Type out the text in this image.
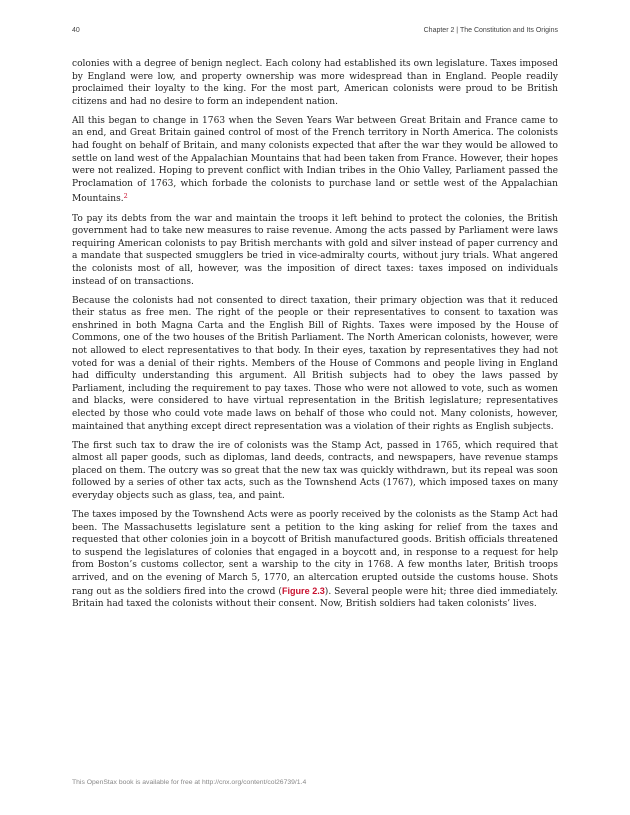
40	Chapter 2 | The Constitution and Its Origins

colonies with a degree of benign neglect. Each colony had established its own legislature. Taxes imposed by England were low, and property ownership was more widespread than in England. People readily proclaimed their loyalty to the king. For the most part, American colonists were proud to be British citizens and had no desire to form an independent nation.

All this began to change in 1763 when the Seven Years War between Great Britain and France came to an end, and Great Britain gained control of most of the French territory in North America. The colonists had fought on behalf of Britain, and many colonists expected that after the war they would be allowed to settle on land west of the Appalachian Mountains that had been taken from France. However, their hopes were not realized. Hoping to prevent conflict with Indian tribes in the Ohio Valley, Parliament passed the Proclamation of 1763, which forbade the colonists to purchase land or settle west of the Appalachian Mountains.$^2$

To pay its debts from the war and maintain the troops it left behind to protect the colonies, the British government had to take new measures to raise revenue. Among the acts passed by Parliament were laws requiring American colonists to pay British merchants with gold and silver instead of paper currency and a mandate that suspected smugglers be tried in vice-admiralty courts, without jury trials. What angered the colonists most of all, however, was the imposition of direct taxes: taxes imposed on individuals instead of on transactions.

Because the colonists had not consented to direct taxation, their primary objection was that it reduced their status as free men. The right of the people or their representatives to consent to taxation was enshrined in both Magna Carta and the English Bill of Rights. Taxes were imposed by the House of Commons, one of the two houses of the British Parliament. The North American colonists, however, were not allowed to elect representatives to that body. In their eyes, taxation by representatives they had not voted for was a denial of their rights. Members of the House of Commons and people living in England had difficulty understanding this argument. All British subjects had to obey the laws passed by Parliament, including the requirement to pay taxes. Those who were not allowed to vote, such as women and blacks, were considered to have virtual representation in the British legislature; representatives elected by those who could vote made laws on behalf of those who could not. Many colonists, however, maintained that anything except direct representation was a violation of their rights as English subjects.

The first such tax to draw the ire of colonists was the Stamp Act, passed in 1765, which required that almost all paper goods, such as diplomas, land deeds, contracts, and newspapers, have revenue stamps placed on them. The outcry was so great that the new tax was quickly withdrawn, but its repeal was soon followed by a series of other tax acts, such as the Townshend Acts (1767), which imposed taxes on many everyday objects such as glass, tea, and paint.

The taxes imposed by the Townshend Acts were as poorly received by the colonists as the Stamp Act had been. The Massachusetts legislature sent a petition to the king asking for relief from the taxes and requested that other colonies join in a boycott of British manufactured goods. British officials threatened to suspend the legislatures of colonies that engaged in a boycott and, in response to a request for help from Boston’s customs collector, sent a warship to the city in 1768. A few months later, British troops arrived, and on the evening of March 5, 1770, an altercation erupted outside the customs house. Shots rang out as the soldiers fired into the crowd (Figure 2.3). Several people were hit; three died immediately. Britain had taxed the colonists without their consent. Now, British soldiers had taken colonists’ lives.

This OpenStax book is available for free at http://cnx.org/content/col26739/1.4
